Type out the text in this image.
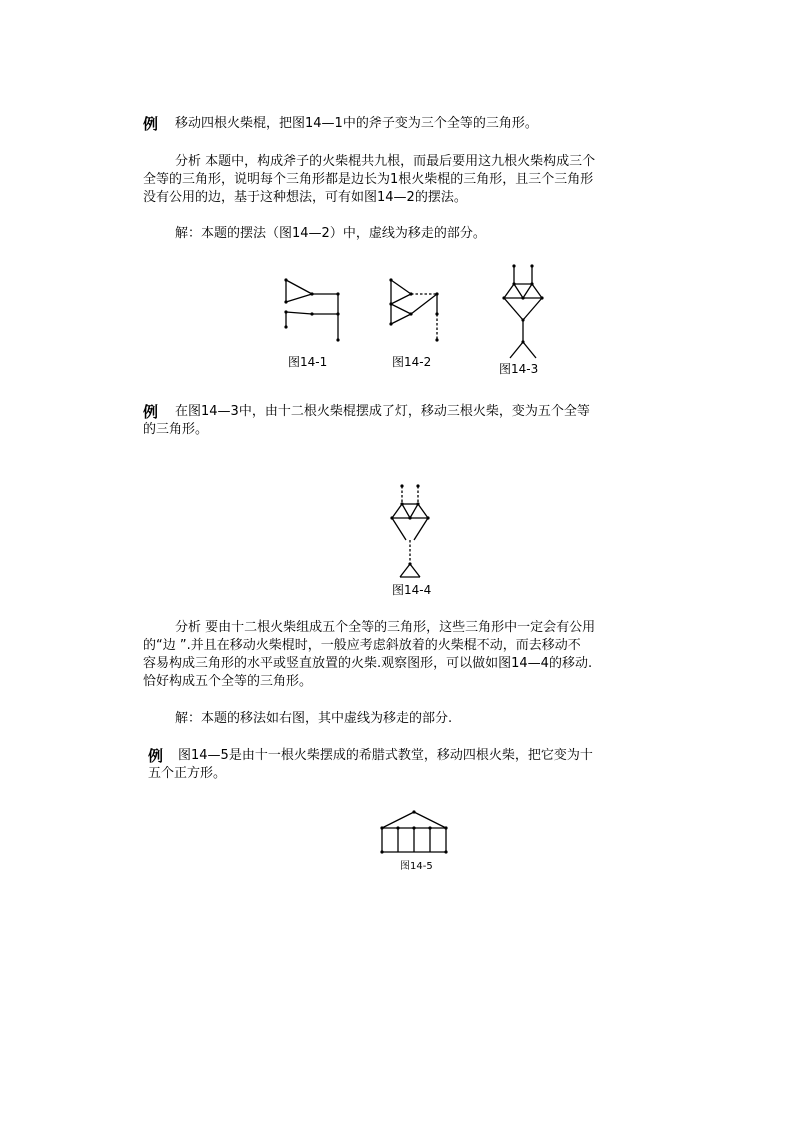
例 移动四根火柴棍，把图14—1中的斧子变为三个全等的三角形。
分析 本题中，构成斧子的火柴棍共九根，而最后要用这九根火柴构成三个
全等的三角形，说明每个三角形都是边长为1根火柴棍的三角形，且三个三角形
没有公用的边，基于这种想法，可有如图14—2的摆法。
解：本题的摆法（图14—2）中，虚线为移走的部分。
图14-1	图14-2	图14-3
例 在图14—3中，由十二根火柴棍摆成了灯，移动三根火柴，变为五个全等
的三角形。
图14-4
分析 要由十二根火柴组成五个全等的三角形，这些三角形中一定会有公用
的“边 ”.并且在移动火柴棍时，一般应考虑斜放着的火柴棍不动，而去移动不
容易构成三角形的水平或竖直放置的火柴.观察图形，可以做如图14—4的移动.
恰好构成五个全等的三角形。
解：本题的移法如右图，其中虚线为移走的部分.
例 图14—5是由十一根火柴摆成的希腊式教堂，移动四根火柴，把它变为十
五个正方形。
图14-5
